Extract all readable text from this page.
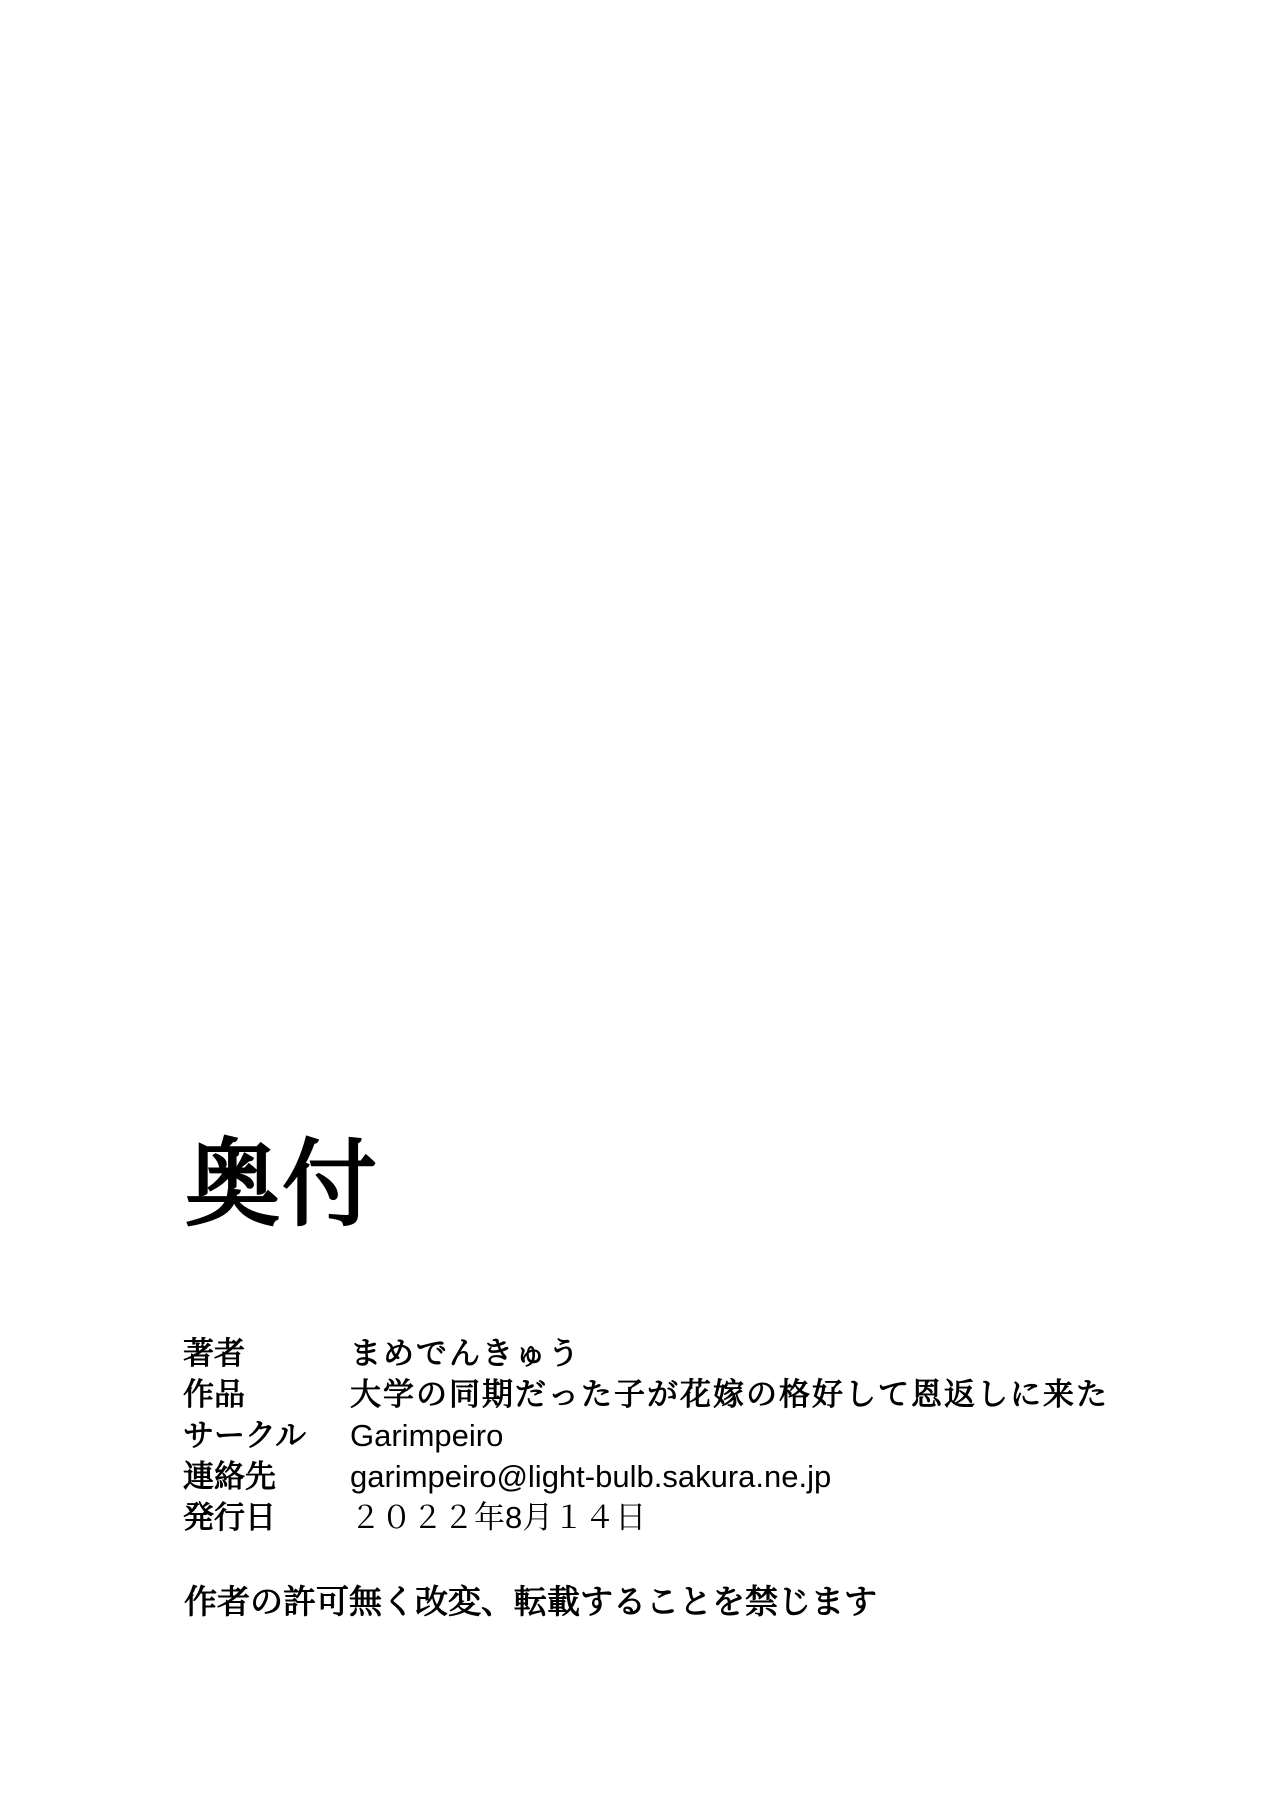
奥付
著者	まめでんきゅう
作品	大学の同期だった子が花嫁の格好して恩返しに来た
サークル	Garimpeiro
連絡先	garimpeiro@light-bulb.sakura.ne.jp
発行日	２０２２年8月１４日

作者の許可無く改変、転載することを禁じます
